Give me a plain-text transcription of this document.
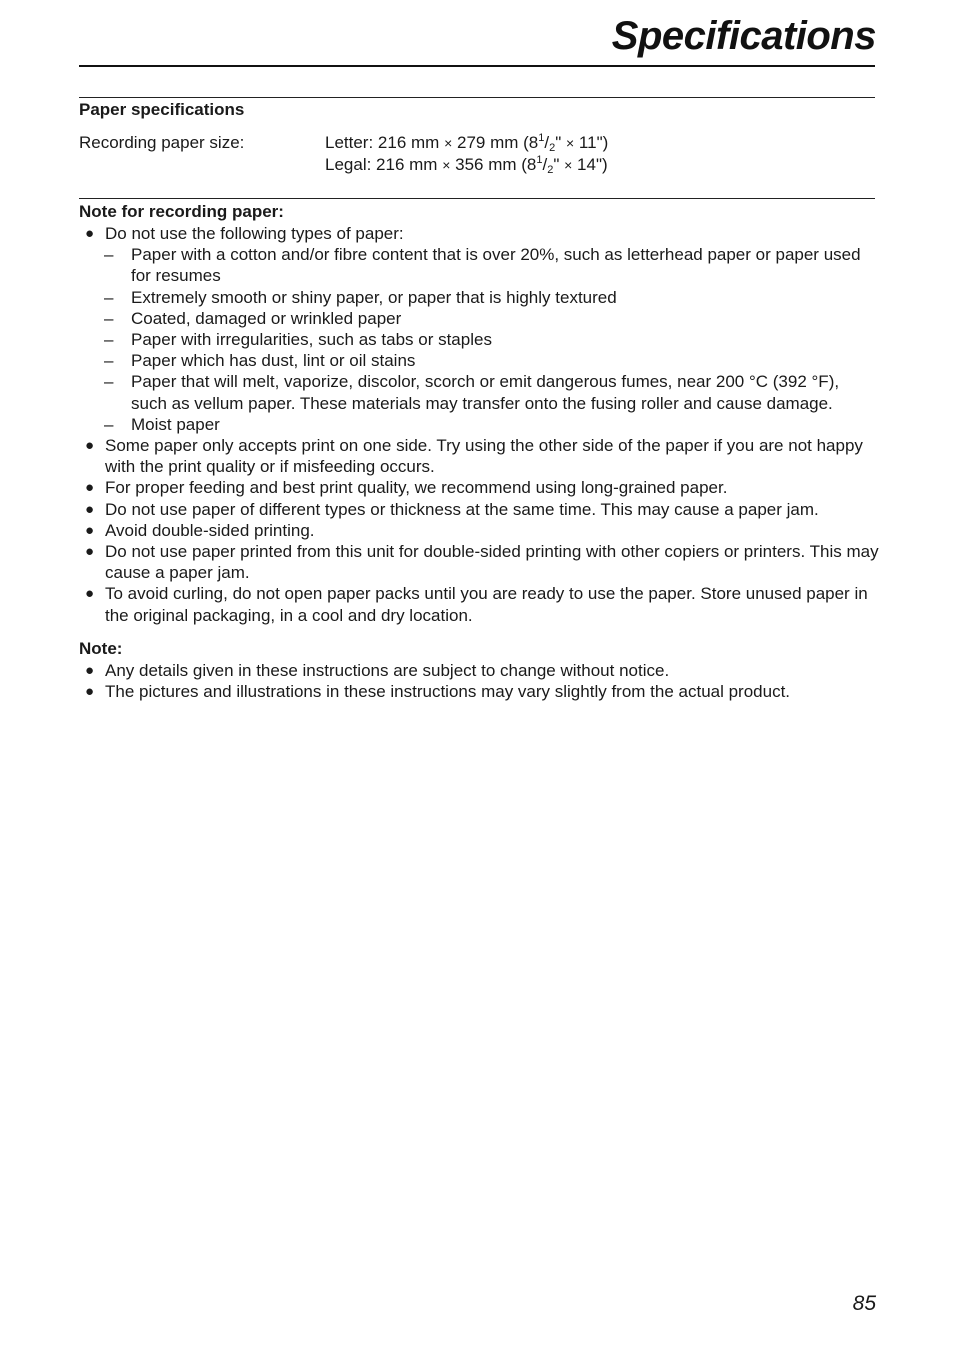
Specifications
Paper specifications
Recording paper size:	Letter: 216 mm × 279 mm ($8^1/_2$" × 11")
Legal: 216 mm × 356 mm ($8^1/_2$" × 14")
Note for recording paper:
● Do not use the following types of paper:
– Paper with a cotton and/or fibre content that is over 20%, such as letterhead paper or paper used for resumes
– Extremely smooth or shiny paper, or paper that is highly textured
– Coated, damaged or wrinkled paper
– Paper with irregularities, such as tabs or staples
– Paper which has dust, lint or oil stains
– Paper that will melt, vaporize, discolor, scorch or emit dangerous fumes, near 200 °C (392 °F), such as vellum paper. These materials may transfer onto the fusing roller and cause damage.
– Moist paper
● Some paper only accepts print on one side. Try using the other side of the paper if you are not happy with the print quality or if misfeeding occurs.
● For proper feeding and best print quality, we recommend using long-grained paper.
● Do not use paper of different types or thickness at the same time. This may cause a paper jam.
● Avoid double-sided printing.
● Do not use paper printed from this unit for double-sided printing with other copiers or printers. This may cause a paper jam.
● To avoid curling, do not open paper packs until you are ready to use the paper. Store unused paper in the original packaging, in a cool and dry location.
Note:
● Any details given in these instructions are subject to change without notice.
● The pictures and illustrations in these instructions may vary slightly from the actual product.
85
